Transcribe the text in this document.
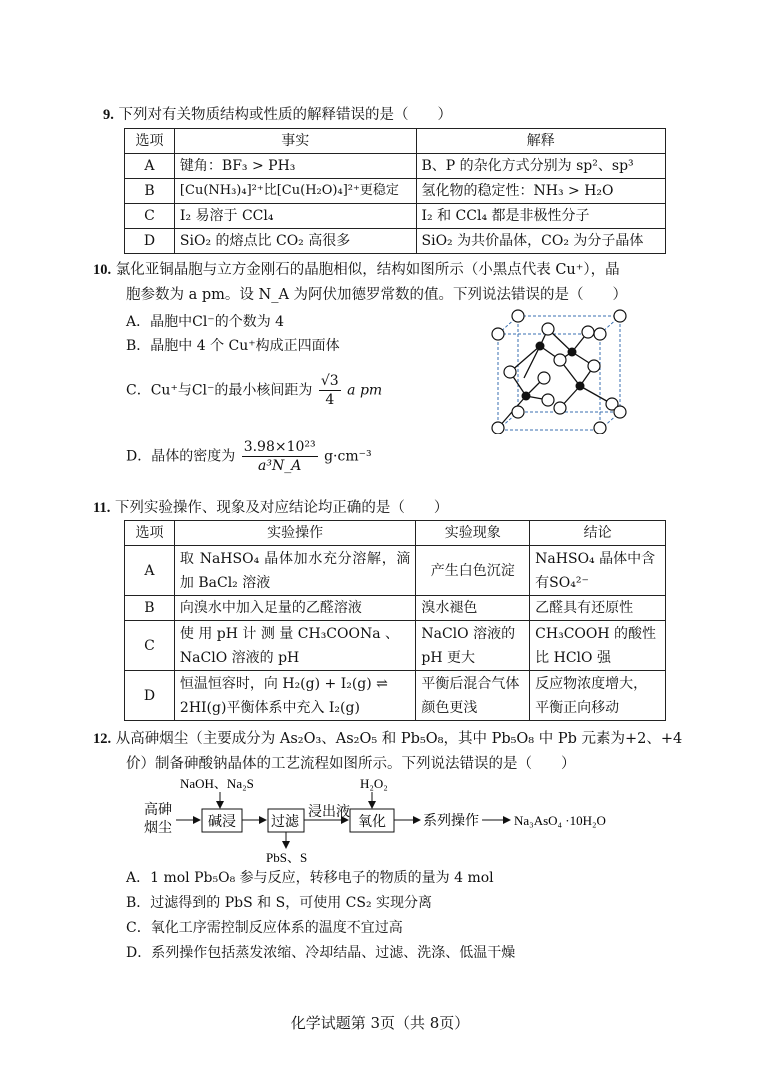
9. 下列对有关物质结构或性质的解释错误的是（　　）
选项	事实	解释
A	键角：BF₃ > PH₃	B、P 的杂化方式分别为 sp²、sp³
B	[Cu(NH₃)₄]²⁺比[Cu(H₂O)₄]²⁺更稳定	氢化物的稳定性：NH₃ > H₂O
C	I₂ 易溶于 CCl₄	I₂ 和 CCl₄ 都是非极性分子
D	SiO₂ 的熔点比 CO₂ 高很多	SiO₂ 为共价晶体，CO₂ 为分子晶体
10. 氯化亚铜晶胞与立方金刚石的晶胞相似，结构如图所示（小黑点代表 Cu⁺），晶
胞参数为 a pm。设 N_A 为阿伏加德罗常数的值。下列说法错误的是（　　）
A．晶胞中Cl⁻的个数为 4
B．晶胞中 4 个 Cu⁺构成正四面体
C．Cu⁺与Cl⁻的最小核间距为 $\frac{√3}{4}$ a pm
D．晶体的密度为 $\frac{\text{3.98×10²³}}{\text{a³N\_A}} g\cdot cm^{-3}$
11. 下列实验操作、现象及对应结论均正确的是（　　）
选项	实验操作	实验现象	结论
A	取 NaHSO₄ 晶体加水充分溶解，滴加 BaCl₂ 溶液	产生白色沉淀	NaHSO₄ 晶体中含有SO₄²⁻
B	向溴水中加入足量的乙醛溶液	溴水褪色	乙醛具有还原性
C	使 用 pH 计 测 量 CH₃COONa 、NaClO 溶液的 pH	NaClO 溶液的 pH 更大	CH₃COOH 的酸性比 HClO 强
D	恒温恒容时，向 H₂(g) + I₂(g) ⇌ 2HI(g)平衡体系中充入 I₂(g)	平衡后混合气体颜色更浅	反应物浓度增大，平衡正向移动
12. 从高砷烟尘（主要成分为 As₂O₃、As₂O₅ 和 Pb₅O₈，其中 Pb₅O₈ 中 Pb 元素为+2、+4
价）制备砷酸钠晶体的工艺流程如图所示。下列说法错误的是（　　）
NaOH、Na₂S
高砷
烟尘	碱浸	过滤
PbS、S
浸出液
H₂O₂
氧化	系列操作	Na₃AsO₄ ·10H₂O
A．1 mol Pb₅O₈ 参与反应，转移电子的物质的量为 4 mol
B．过滤得到的 PbS 和 S，可使用 CS₂ 实现分离
C．氧化工序需控制反应体系的温度不宜过高
D．系列操作包括蒸发浓缩、冷却结晶、过滤、洗涤、低温干燥
化学试题第 3页（共 8页）
